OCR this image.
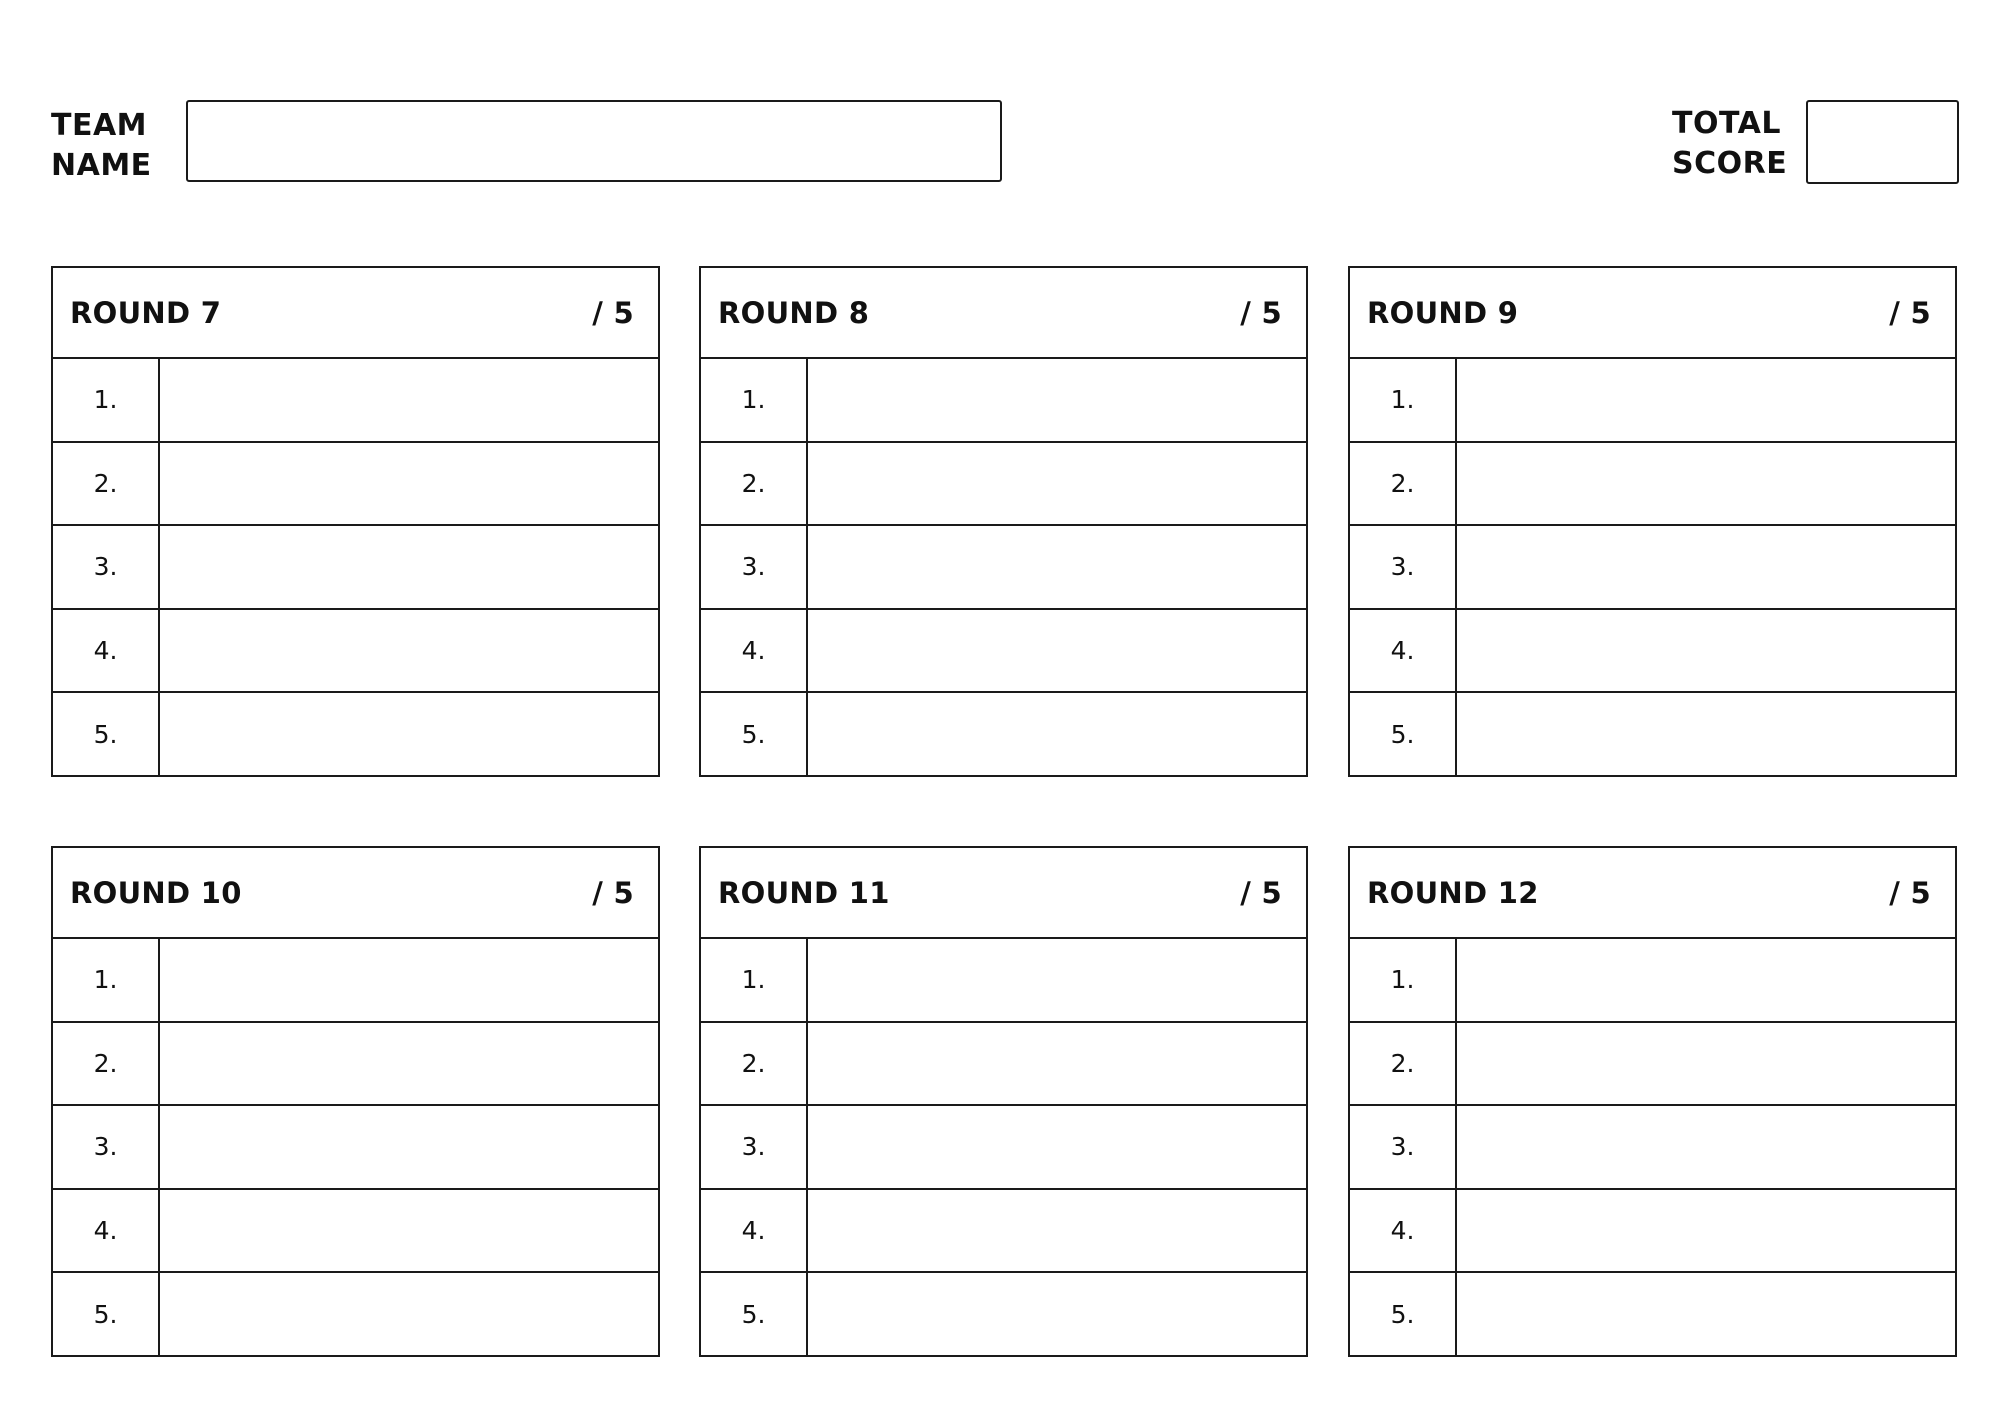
TEAM
NAME
TOTAL
SCORE
ROUND 7	/ 5
1.
2.
3.
4.
5.
ROUND 8	/ 5
1.
2.
3.
4.
5.
ROUND 9	/ 5
1.
2.
3.
4.
5.
ROUND 10	/ 5
1.
2.
3.
4.
5.
ROUND 11	/ 5
1.
2.
3.
4.
5.
ROUND 12	/ 5
1.
2.
3.
4.
5.
